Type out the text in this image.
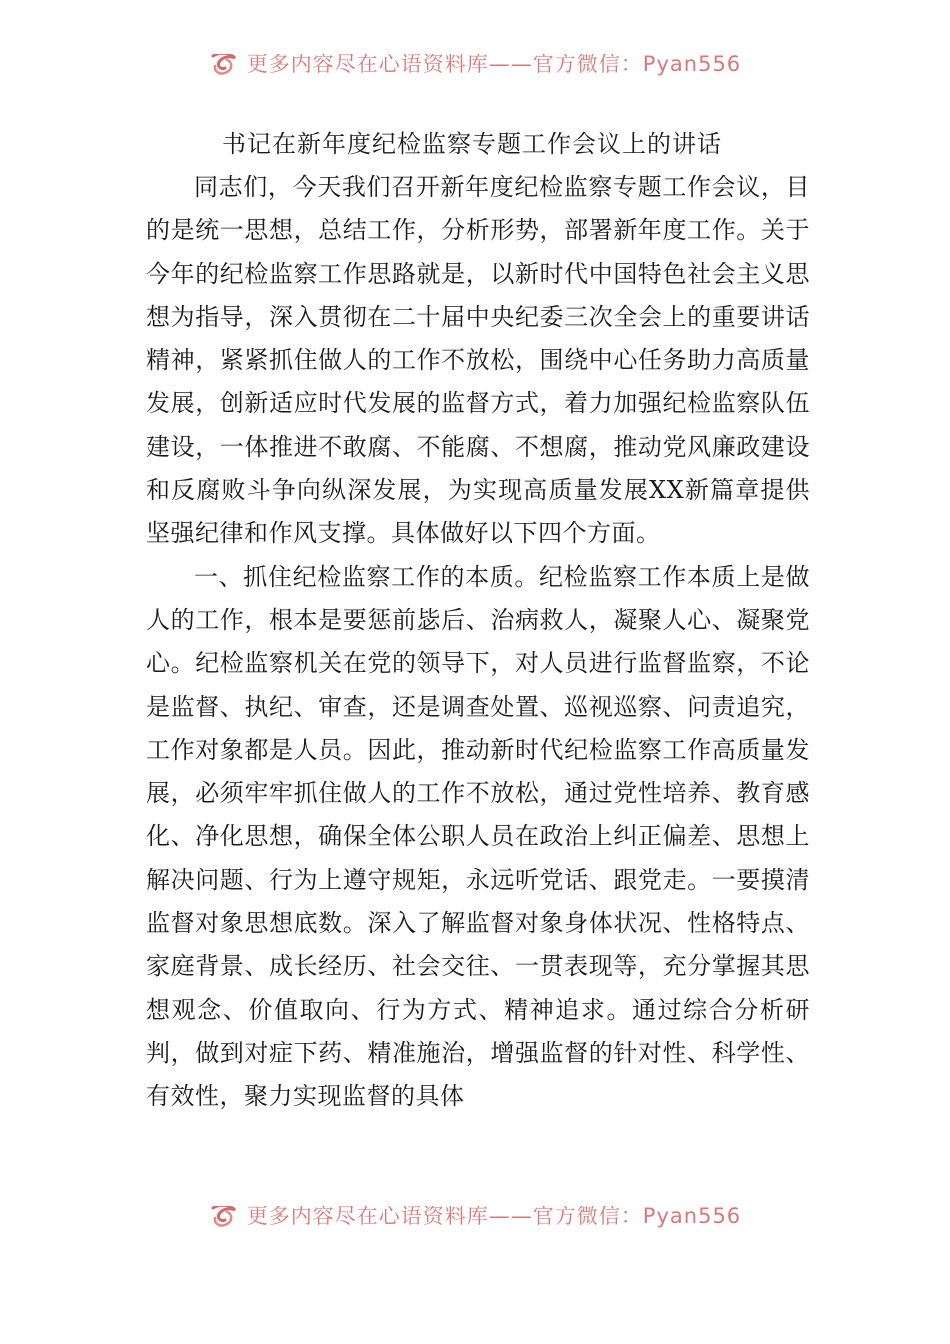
更多内容尽在心语资料库——官方微信：Pyan556
书记在新年度纪检监察专题工作会议上的讲话

同志们，今天我们召开新年度纪检监察专题工作会议，目的是统一思想，总结工作，分析形势，部署新年度工作。关于今年的纪检监察工作思路就是，以新时代中国特色社会主义思想为指导，深入贯彻在二十届中央纪委三次全会上的重要讲话精神，紧紧抓住做人的工作不放松，围绕中心任务助力高质量发展，创新适应时代发展的监督方式，着力加强纪检监察队伍建设，一体推进不敢腐、不能腐、不想腐，推动党风廉政建设和反腐败斗争向纵深发展，为实现高质量发展XX新篇章提供坚强纪律和作风支撑。具体做好以下四个方面。

一、抓住纪检监察工作的本质。纪检监察工作本质上是做人的工作，根本是要惩前毖后、治病救人，凝聚人心、凝聚党心。纪检监察机关在党的领导下，对人员进行监督监察，不论是监督、执纪、审查，还是调查处置、巡视巡察、问责追究，工作对象都是人员。因此，推动新时代纪检监察工作高质量发展，必须牢牢抓住做人的工作不放松，通过党性培养、教育感化、净化思想，确保全体公职人员在政治上纠正偏差、思想上解决问题、行为上遵守规矩，永远听党话、跟党走。一要摸清监督对象思想底数。深入了解监督对象身体状况、性格特点、家庭背景、成长经历、社会交往、一贯表现等，充分掌握其思想观念、价值取向、行为方式、精神追求。通过综合分析研判，做到对症下药、精准施治，增强监督的针对性、科学性、有效性，聚力实现监督的具体

更多内容尽在心语资料库——官方微信：Pyan556
